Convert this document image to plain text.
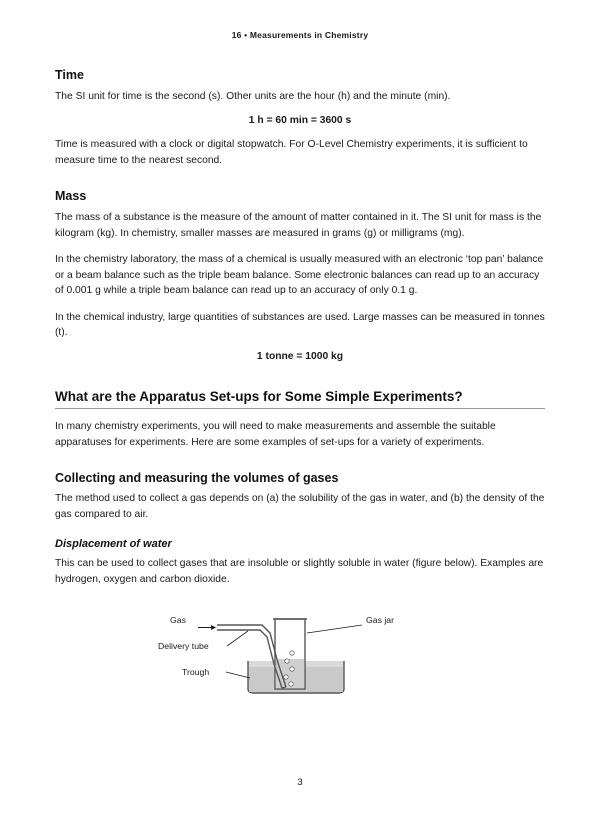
16 • Measurements in Chemistry
Time

The SI unit for time is the second (s). Other units are the hour (h) and the minute (min).

1 h = 60 min = 3600 s

Time is measured with a clock or digital stopwatch. For O-Level Chemistry experiments, it is sufficient to measure time to the nearest second.

Mass

The mass of a substance is the measure of the amount of matter contained in it. The SI unit for mass is the kilogram (kg). In chemistry, smaller masses are measured in grams (g) or milligrams (mg).

In the chemistry laboratory, the mass of a chemical is usually measured with an electronic ‘top pan’ balance or a beam balance such as the triple beam balance. Some electronic balances can read up to an accuracy of 0.001 g while a triple beam balance can read up to an accuracy of only 0.1 g.

In the chemical industry, large quantities of substances are used. Large masses can be measured in tonnes (t).

1 tonne = 1000 kg

What are the Apparatus Set-ups for Some Simple Experiments?

In many chemistry experiments, you will need to make measurements and assemble the suitable apparatuses for experiments. Here are some examples of set-ups for a variety of experiments.

Collecting and measuring the volumes of gases

The method used to collect a gas depends on (a) the solubility of the gas in water, and (b) the density of the gas compared to air.

Displacement of water

This can be used to collect gases that are insoluble or slightly soluble in water (figure below). Examples are hydrogen, oxygen and carbon dioxide.

Gas
Delivery tube
Trough
Gas jar
3
